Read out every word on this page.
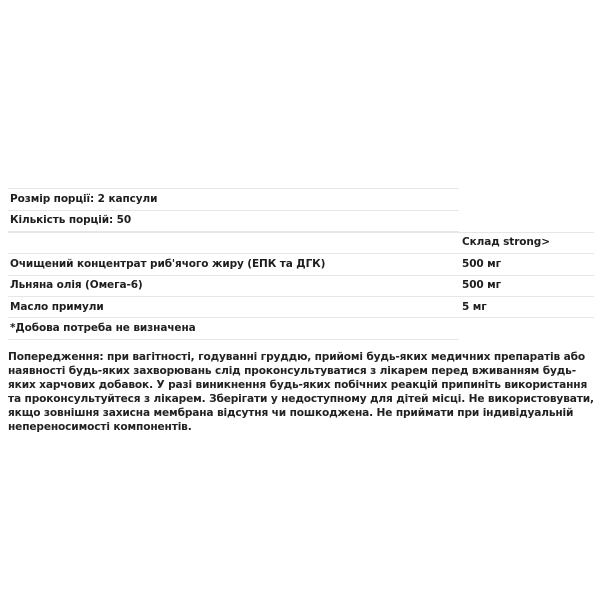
Розмір порції: 2 капсули
Кількість порцій: 50
Склад strong>
Очищений концентрат риб'ячого жиру (ЕПК та ДГК)	500 мг
Льняна олія (Омега-6)	500 мг
Масло примули	5 мг
*Добова потреба не визначена

Попередження: при вагітності, годуванні груддю, прийомі будь-яких медичних препаратів або наявності будь-яких захворювань слід проконсультуватися з лікарем перед вживанням будь-яких харчових добавок. У разі виникнення будь-яких побічних реакцій припиніть використання та проконсультуйтеся з лікарем. Зберігати у недоступному для дітей місці. Не використовувати, якщо зовнішня захисна мембрана відсутня чи пошкоджена. Не приймати при індивідуальній непереносимості компонентів.
